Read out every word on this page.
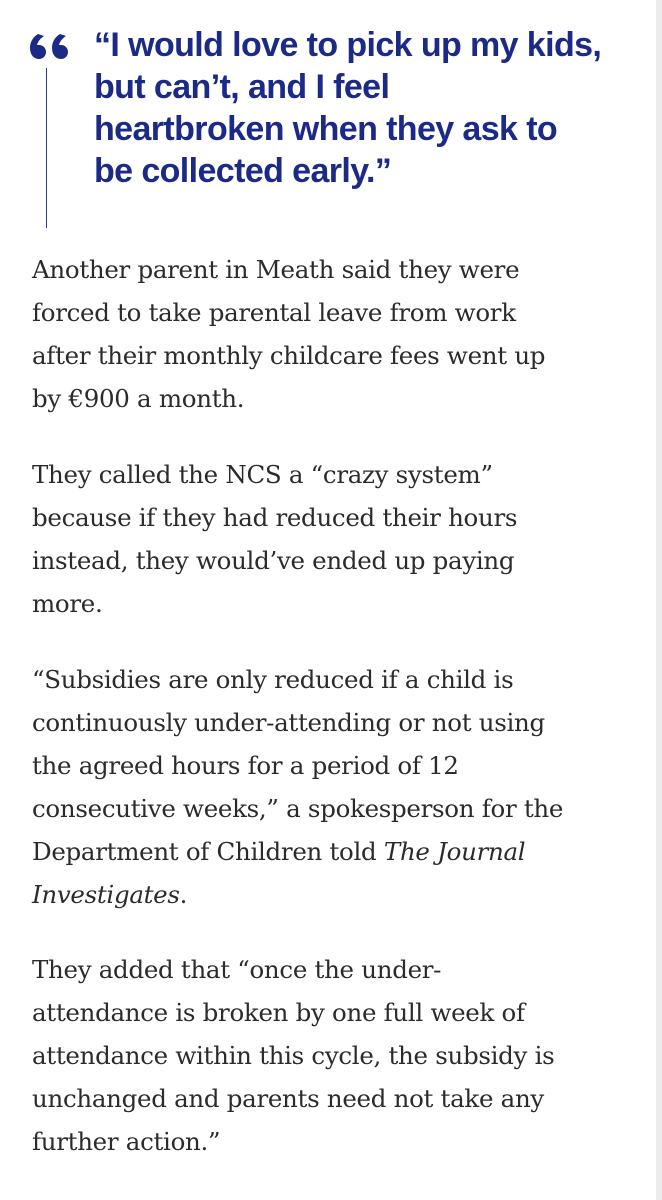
“I would love to pick up my kids,
but can’t, and I feel
heartbroken when they ask to
be collected early.”

Another parent in Meath said they were
forced to take parental leave from work
after their monthly childcare fees went up
by €900 a month.

They called the NCS a “crazy system”
because if they had reduced their hours
instead, they would’ve ended up paying
more.

“Subsidies are only reduced if a child is
continuously under-attending or not using
the agreed hours for a period of 12
consecutive weeks,” a spokesperson for the
Department of Children told The Journal
Investigates.

They added that “once the under-
attendance is broken by one full week of
attendance within this cycle, the subsidy is
unchanged and parents need not take any
further action.”
